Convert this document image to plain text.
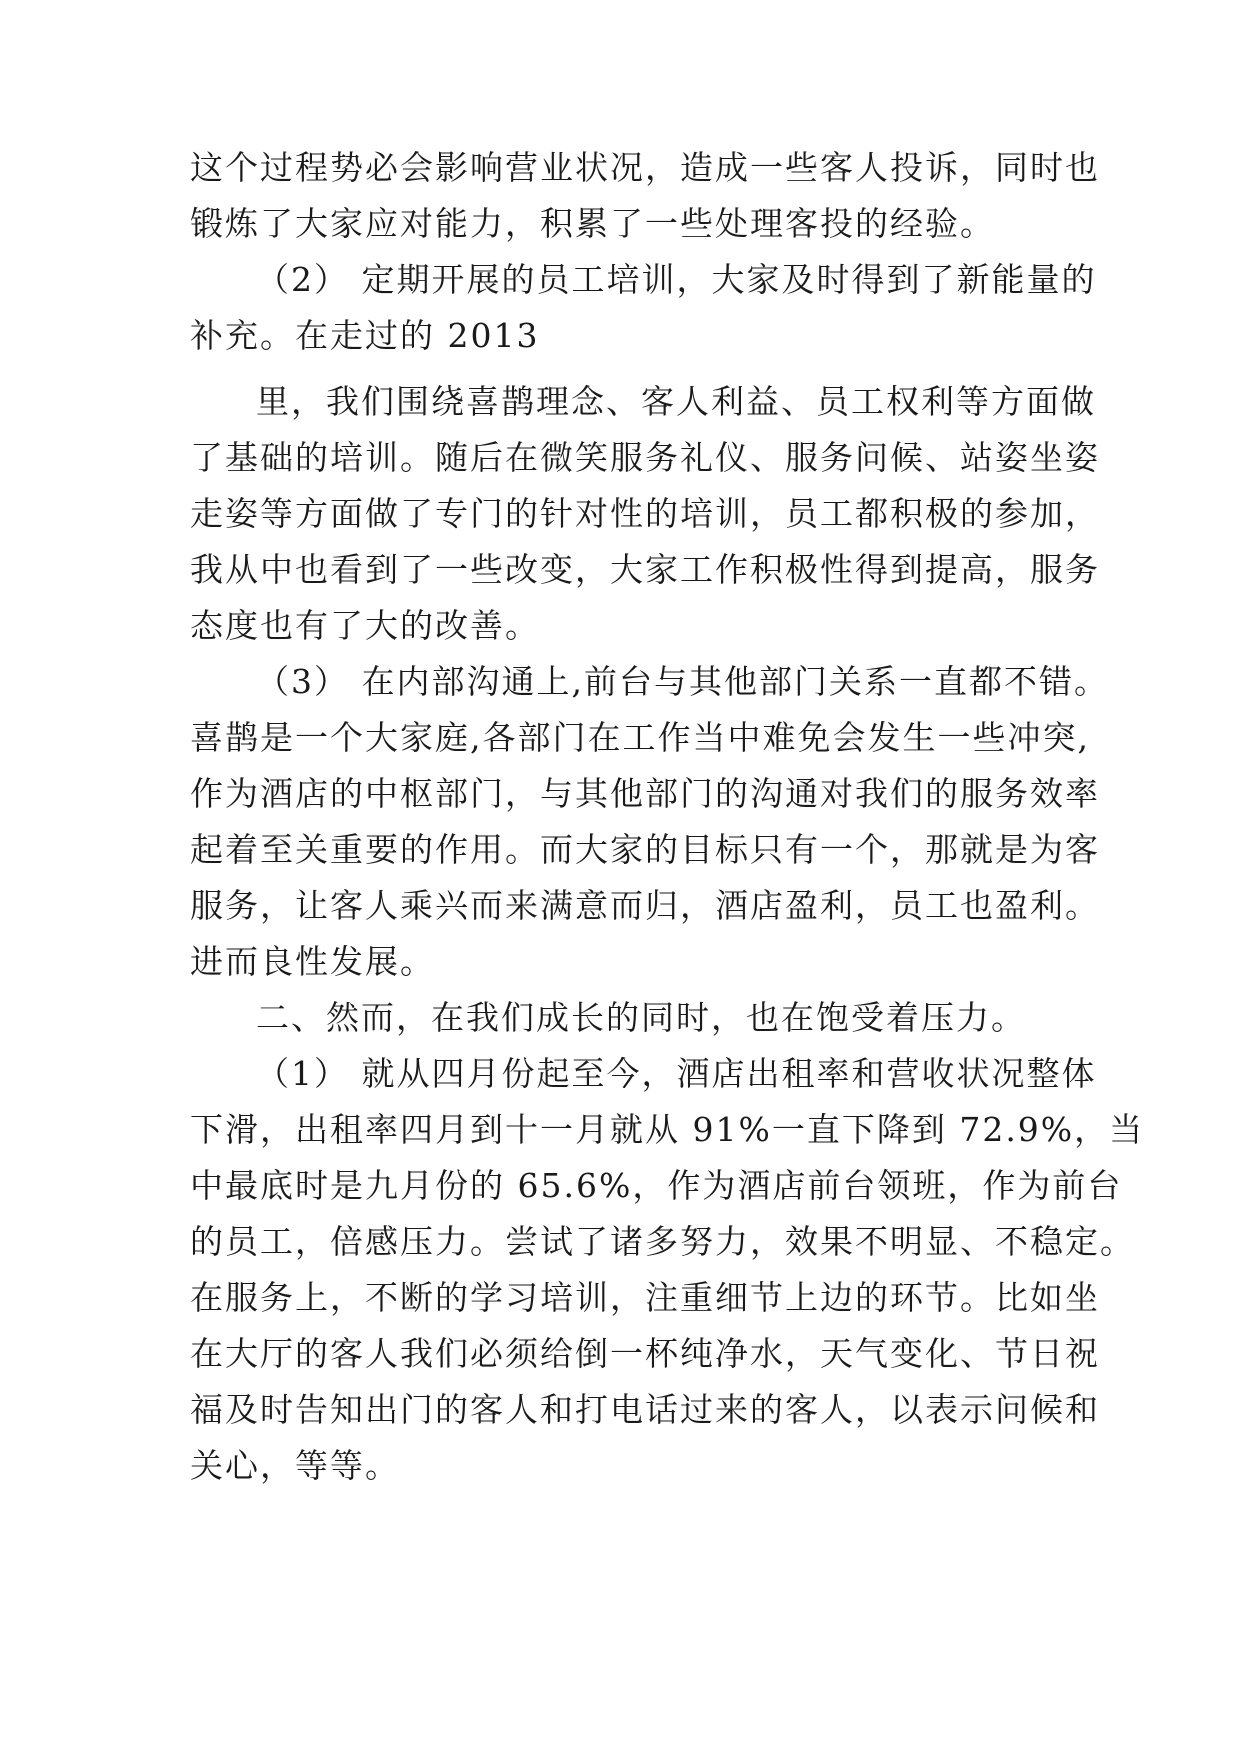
这个过程势必会影响营业状况，造成一些客人投诉，同时也
锻炼了大家应对能力，积累了一些处理客投的经验。
（2） 定期开展的员工培训，大家及时得到了新能量的
补充。在走过的 2013
里，我们围绕喜鹊理念、客人利益、员工权利等方面做
了基础的培训。随后在微笑服务礼仪、服务问候、站姿坐姿
走姿等方面做了专门的针对性的培训，员工都积极的参加，
我从中也看到了一些改变，大家工作积极性得到提高，服务
态度也有了大的改善。
（3） 在内部沟通上,前台与其他部门关系一直都不错。
喜鹊是一个大家庭,各部门在工作当中难免会发生一些冲突,
作为酒店的中枢部门，与其他部门的沟通对我们的服务效率
起着至关重要的作用。而大家的目标只有一个，那就是为客
服务，让客人乘兴而来满意而归，酒店盈利，员工也盈利。
进而良性发展。
二、然而，在我们成长的同时，也在饱受着压力。
（1） 就从四月份起至今，酒店出租率和营收状况整体
下滑，出租率四月到十一月就从 91%一直下降到 72.9%，当
中最底时是九月份的 65.6%，作为酒店前台领班，作为前台
的员工，倍感压力。尝试了诸多努力，效果不明显、不稳定。
在服务上，不断的学习培训，注重细节上边的环节。比如坐
在大厅的客人我们必须给倒一杯纯净水，天气变化、节日祝
福及时告知出门的客人和打电话过来的客人，以表示问候和
关心，等等。
